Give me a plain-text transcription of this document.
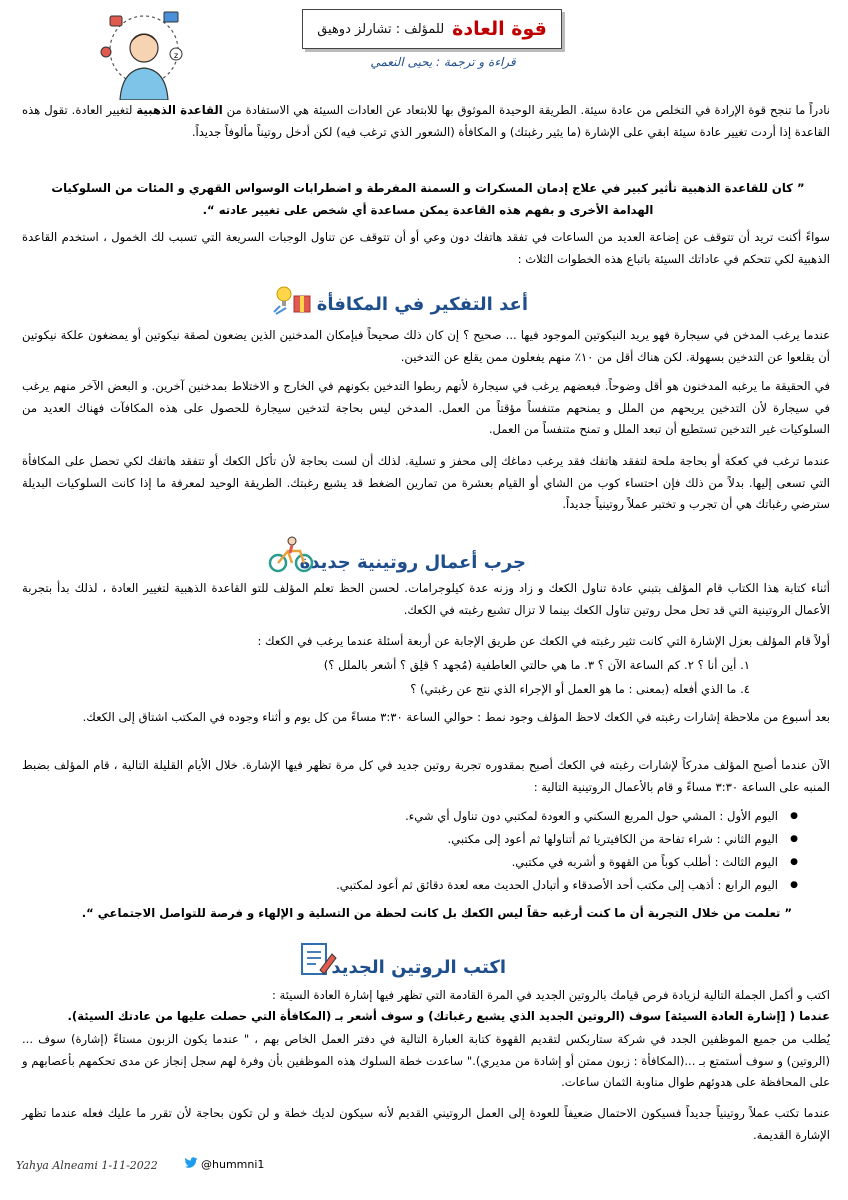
z
قوة العادة
للمؤلف : تشارلز دوهيق
قراءة و ترجمة : يحيى النعمي

نادراً ما تنجح قوة الإرادة في التخلص من عادة سيئة. الطريقة الوحيدة الموثوق بها للابتعاد عن العادات السيئة هي الاستفادة من القاعدة الذهبية لتغيير العادة. تقول هذه القاعدة إذا أردت تغيير عادة سيئة ابقي على الإشارة (ما يثير رغبتك) و المكافأة (الشعور الذي ترغب فيه) لكن أدخل روتيناً مألوفاً جديداً.

” كان للقاعدة الذهبية تأثير كبير في علاج إدمان المسكرات و السمنة المفرطة و اضطرابات الوسواس القهري و المئات من السلوكيات الهدامة الأخرى و بفهم هذه القاعدة يمكن مساعدة أي شخص على تغيير عادته “.

سواءً أكنت تريد أن تتوقف عن إضاعة العديد من الساعات في تفقد هاتفك دون وعي أو أن تتوقف عن تناول الوجبات السريعة التي تسبب لك الخمول ، استخدم القاعدة الذهبية لكي تتحكم في عاداتك السيئة باتباع هذه الخطوات الثلاث :

أعد التفكير في المكافأة

عندما يرغب المدخن في سيجارة فهو يريد النيكوتين الموجود فيها ... صحيح ؟ إن كان ذلك صحيحاً فبإمكان المدخنين الذين يضعون لصقة نيكوتين أو يمضغون علكة نيكوتين أن يقلعوا عن التدخين بسهولة. لكن هناك أقل من ١٠٪ منهم يفعلون ممن يقلع عن التدخين.

في الحقيقة ما يرغبه المدخنون هو أقل وضوحاً. فبعضهم يرغب في سيجارة لأنهم ربطوا التدخين بكونهم في الخارج و الاختلاط بمدخنين آخرين. و البعض الآخر منهم يرغب في سيجارة لأن التدخين يريحهم من الملل و يمنحهم متنفساً مؤقتاً من العمل. المدخن ليس بحاجة لتدخين سيجارة للحصول على هذه المكافآت فهناك العديد من السلوكيات غير التدخين تستطيع أن تبعد الملل و تمنح متنفساً من العمل.

عندما ترغب في كعكة أو بحاجة ملحة لتفقد هاتفك فقد يرغب دماغك إلى محفز و تسلية. لذلك أن لست بحاجة لأن تأكل الكعك أو تتفقد هاتفك لكي تحصل على المكافأة التي تسعى إليها. بدلاً من ذلك فإن احتساء كوب من الشاي أو القيام بعشرة من تمارين الضغط قد يشبع رغبتك. الطريقة الوحيد لمعرفة ما إذا كانت السلوكيات البديلة سترضي رغباتك هي أن تجرب و تختبر عملاً روتينياً جديداً.

جرب أعمال روتينية جديدة

أثناء كتابة هذا الكتاب قام المؤلف بتبني عادة تناول الكعك و زاد وزنه عدة كيلوجرامات. لحسن الحظ تعلم المؤلف للتو القاعدة الذهبية لتغيير العادة ، لذلك بدأ بتجربة الأعمال الروتينية التي قد تحل محل روتين تناول الكعك بينما لا تزال تشبع رغبته في الكعك.

أولاً قام المؤلف بعزل الإشارة التي كانت تثير رغبته في الكعك عن طريق الإجابة عن أربعة أسئلة عندما يرغب في الكعك :

١. أين أنا ؟ ٢. كم الساعة الآن ؟ ٣. ما هي حالتي العاطفية (مُجهد ؟ قلِق ؟ أشعر بالملل ؟)

٤. ما الذي أفعله (بمعنى : ما هو العمل أو الإجراء الذي نتج عن رغبتي) ؟

بعد أسبوع من ملاحظة إشارات رغبته في الكعك لاحظ المؤلف وجود نمط : حوالي الساعة ٣:٣٠ مساءً من كل يوم و أثناء وجوده في المكتب اشتاق إلى الكعك.

الآن عندما أصبح المؤلف مدركاً لإشارات رغبته في الكعك أصبح بمقدوره تجربة روتين جديد في كل مرة تظهر فيها الإشارة. خلال الأيام القليلة التالية ، قام المؤلف بضبط المنبه على الساعة ٣:٣٠ مساءً و قام بالأعمال الروتينية التالية :

● اليوم الأول : المشي حول المربع السكني و العودة لمكتبي دون تناول أي شيء.
● اليوم الثاني : شراء تفاحة من الكافيتريا ثم أتناولها ثم أعود إلى مكتبي.
● اليوم الثالث : أطلب كوباً من القهوة و أشربه في مكتبي.
● اليوم الرابع : أذهب إلى مكتب أحد الأصدقاء و أتبادل الحديث معه لعدة دقائق ثم أعود لمكتبي.

” تعلمت من خلال التجربة أن ما كنت أرغبه حقاً ليس الكعك بل كانت لحظة من التسلية و الإلهاء و فرصة للتواصل الاجتماعي “.

اكتب الروتين الجديد

اكتب و أكمل الجملة التالية لزيادة فرص قيامك بالروتين الجديد في المرة القادمة التي تظهر فيها إشارة العادة السيئة :

عندما ( [إشارة العادة السيئة] سوف (الروتين الجديد الذي يشبع رغباتك) و سوف أشعر بـ (المكافأة التي حصلت عليها من عادتك السيئة).

يُطلب من جميع الموظفين الجدد في شركة ستاربكس لتقديم القهوة كتابة العبارة التالية في دفتر العمل الخاص بهم ، " عندما يكون الزبون مستاءً (إشارة) سوف ...(الروتين) و سوف أستمتع بـ ...(المكافأة : زبون ممتن أو إشادة من مديري)." ساعدت خطة السلوك هذه الموظفين بأن وفرة لهم سجل إنجاز عن مدى تحكمهم بأعصابهم و على المحافظة على هدوئهم طوال مناوبة الثمان ساعات.

عندما تكتب عملاً روتينياً جديداً فسيكون الاحتمال ضعيفاً للعودة إلى العمل الروتيني القديم لأنه سيكون لديك خطة و لن تكون بحاجة لأن تقرر ما عليك فعله عندما تظهر الإشارة القديمة.

Yahya Alneami 1-11-2022	@hummni1
